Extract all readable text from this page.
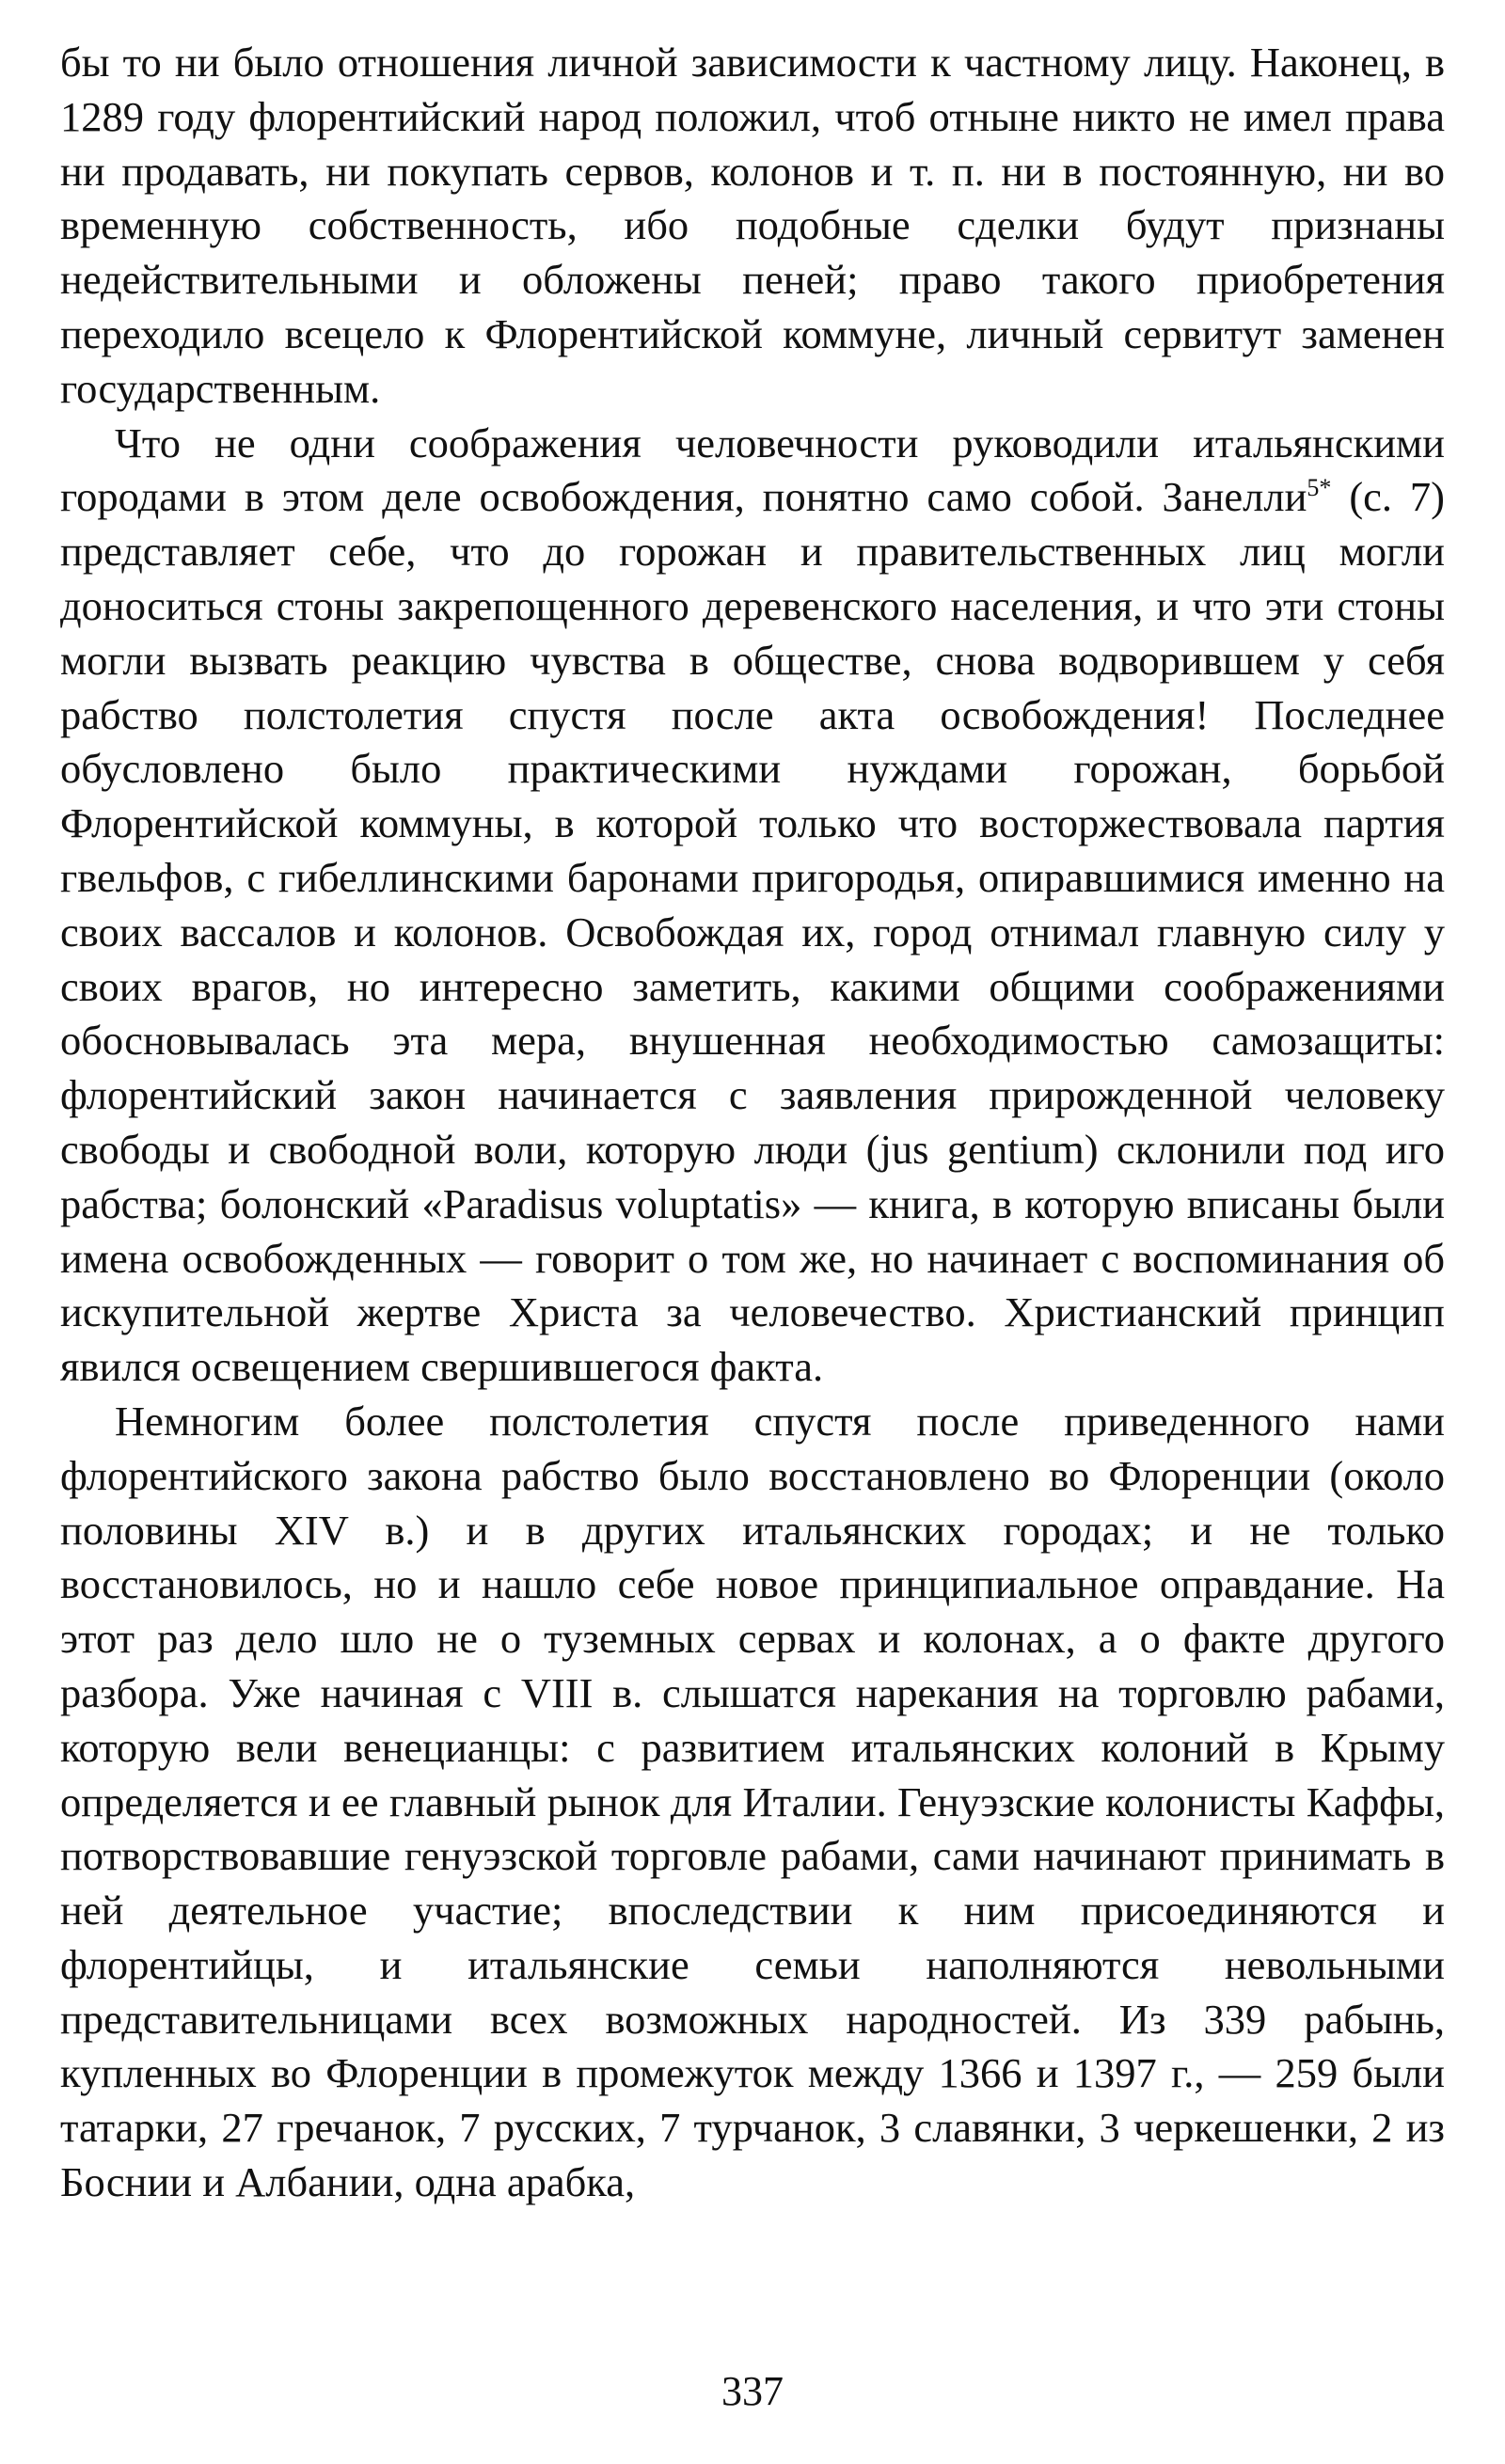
бы то ни было отношения личной зависимости к частному лицу. Наконец, в 1289 году флорентийский народ положил, чтоб отныне никто не имел права ни продавать, ни покупать сервов, колонов и т. п. ни в постоянную, ни во временную собственность, ибо подобные сделки будут признаны недействительными и обложены пеней; право такого приобретения переходило всецело к Флорентийской коммуне, личный сервитут заменен государственным.

Что не одни соображения человечности руководили итальянскими городами в этом деле освобождения, понятно само собой. Занелли$^{5*}$ (с. 7) представляет себе, что до горожан и правительственных лиц могли доноситься стоны закрепощенного деревенского населения, и что эти стоны могли вызвать реакцию чувства в обществе, снова водворившем у себя рабство полстолетия спустя после акта освобождения! Последнее обусловлено было практическими нуждами горожан, борьбой Флорентийской коммуны, в которой только что восторжествовала партия гвельфов, с гибеллинскими баронами пригородья, опиравшимися именно на своих вассалов и колонов. Освобождая их, город отнимал главную силу у своих врагов, но интересно заметить, какими общими соображениями обосновывалась эта мера, внушенная необходимостью самозащиты: флорентийский закон начинается с заявления прирожденной человеку свободы и свободной воли, которую люди (jus gentium) склонили под иго рабства; болонский «Paradisus voluptatis» — книга, в которую вписаны были имена освобожденных — говорит о том же, но начинает с воспоминания об искупительной жертве Христа за человечество. Христианский принцип явился освещением свершившегося факта.

Немногим более полстолетия спустя после приведенного нами флорентийского закона рабство было восстановлено во Флоренции (около половины XIV в.) и в других итальянских городах; и не только восстановилось, но и нашло себе новое принципиальное оправдание. На этот раз дело шло не о туземных сервах и колонах, а о факте другого разбора. Уже начиная с VIII в. слышатся нарекания на торговлю рабами, которую вели венецианцы: с развитием итальянских колоний в Крыму определяется и ее главный рынок для Италии. Генуэзские колонисты Каффы, потворствовавшие генуэзской торговле рабами, сами начинают принимать в ней деятельное участие; впоследствии к ним присоединяются и флорентийцы, и итальянские семьи наполняются невольными представительницами всех возможных народностей. Из 339 рабынь, купленных во Флоренции в промежуток между 1366 и 1397 г., — 259 были татарки, 27 гречанок, 7 русских, 7 турчанок, 3 славянки, 3 черкешенки, 2 из Боснии и Албании, одна арабка,

337
